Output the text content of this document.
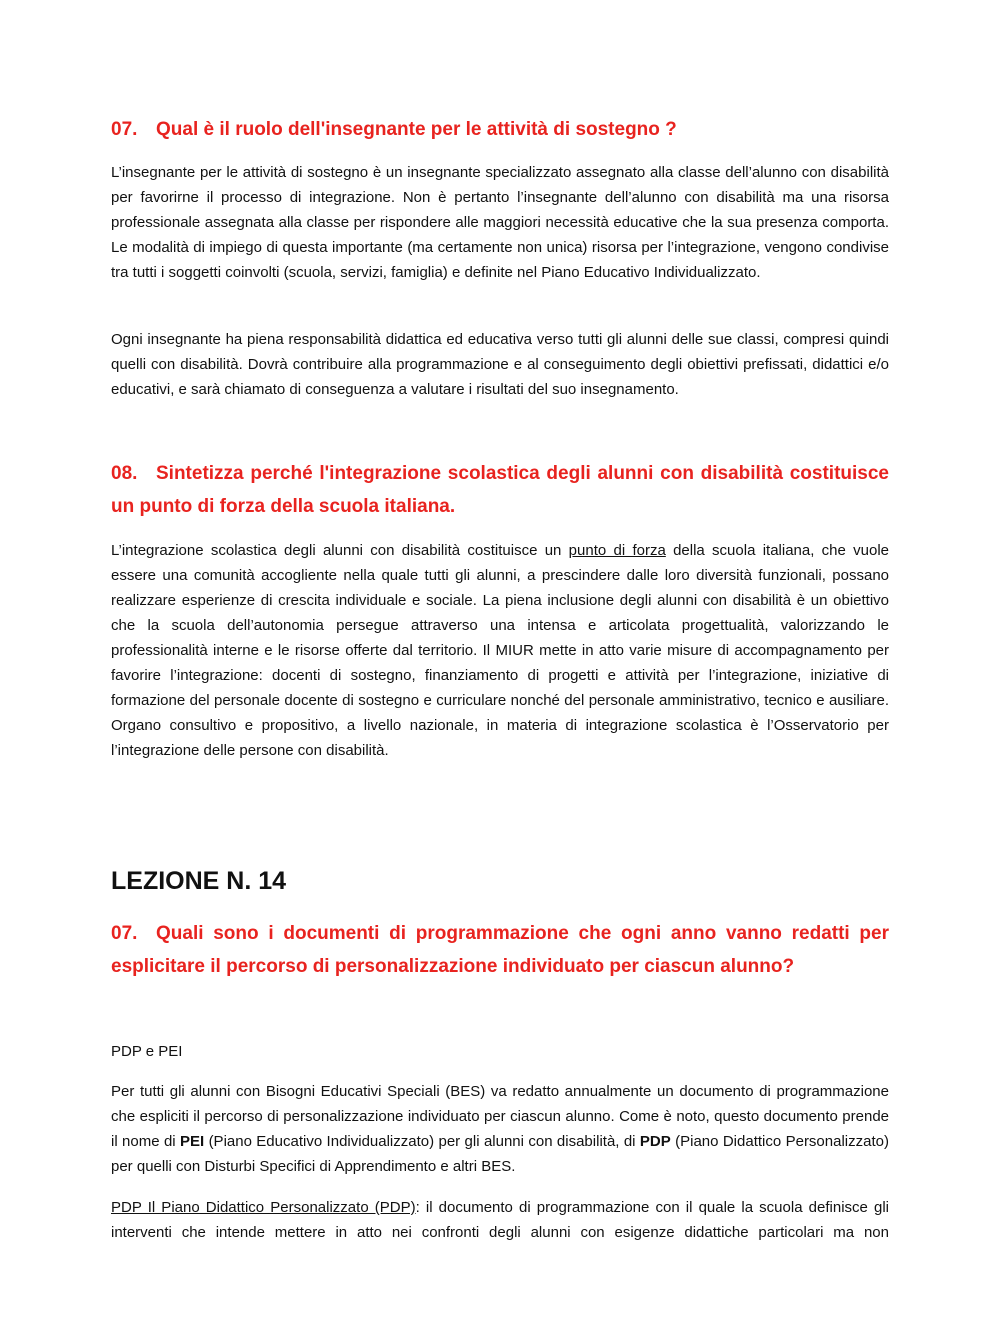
07. Qual è il ruolo dell'insegnante per le attività di sostegno ?

L’insegnante per le attività di sostegno è un insegnante specializzato assegnato alla classe dell’alunno con disabilità per favorirne il processo di integrazione. Non è pertanto l’insegnante dell’alunno con disabilità ma una risorsa professionale assegnata alla classe per rispondere alle maggiori necessità educative che la sua presenza comporta. Le modalità di impiego di questa importante (ma certamente non unica) risorsa per l’integrazione, vengono condivise tra tutti i soggetti coinvolti (scuola, servizi, famiglia) e definite nel Piano Educativo Individualizzato.

Ogni insegnante ha piena responsabilità didattica ed educativa verso tutti gli alunni delle sue classi, compresi quindi quelli con disabilità. Dovrà contribuire alla programmazione e al conseguimento degli obiettivi prefissati, didattici e/o educativi, e sarà chiamato di conseguenza a valutare i risultati del suo insegnamento.

08. Sintetizza perché l'integrazione scolastica degli alunni con disabilità costituisce un punto di forza della scuola italiana.

L’integrazione scolastica degli alunni con disabilità costituisce un punto di forza della scuola italiana, che vuole essere una comunità accogliente nella quale tutti gli alunni, a prescindere dalle loro diversità funzionali, possano realizzare esperienze di crescita individuale e sociale. La piena inclusione degli alunni con disabilità è un obiettivo che la scuola dell’autonomia persegue attraverso una intensa e articolata progettualità, valorizzando le professionalità interne e le risorse offerte dal territorio. Il MIUR mette in atto varie misure di accompagnamento per favorire l’integrazione: docenti di sostegno, finanziamento di progetti e attività per l’integrazione, iniziative di formazione del personale docente di sostegno e curriculare nonché del personale amministrativo, tecnico e ausiliare. Organo consultivo e propositivo, a livello nazionale, in materia di integrazione scolastica è l’Osservatorio per l’integrazione delle persone con disabilità.

LEZIONE N. 14
07. Quali sono i documenti di programmazione che ogni anno vanno redatti per esplicitare il percorso di personalizzazione individuato per ciascun alunno?

PDP e PEI

Per tutti gli alunni con Bisogni Educativi Speciali (BES) va redatto annualmente un documento di programmazione che espliciti il percorso di personalizzazione individuato per ciascun alunno. Come è noto, questo documento prende il nome di PEI (Piano Educativo Individualizzato) per gli alunni con disabilità, di PDP (Piano Didattico Personalizzato) per quelli con Disturbi Specifici di Apprendimento e altri BES.

PDP Il Piano Didattico Personalizzato (PDP): il documento di programmazione con il quale la scuola definisce gli interventi che intende mettere in atto nei confronti degli alunni con esigenze didattiche particolari ma non
